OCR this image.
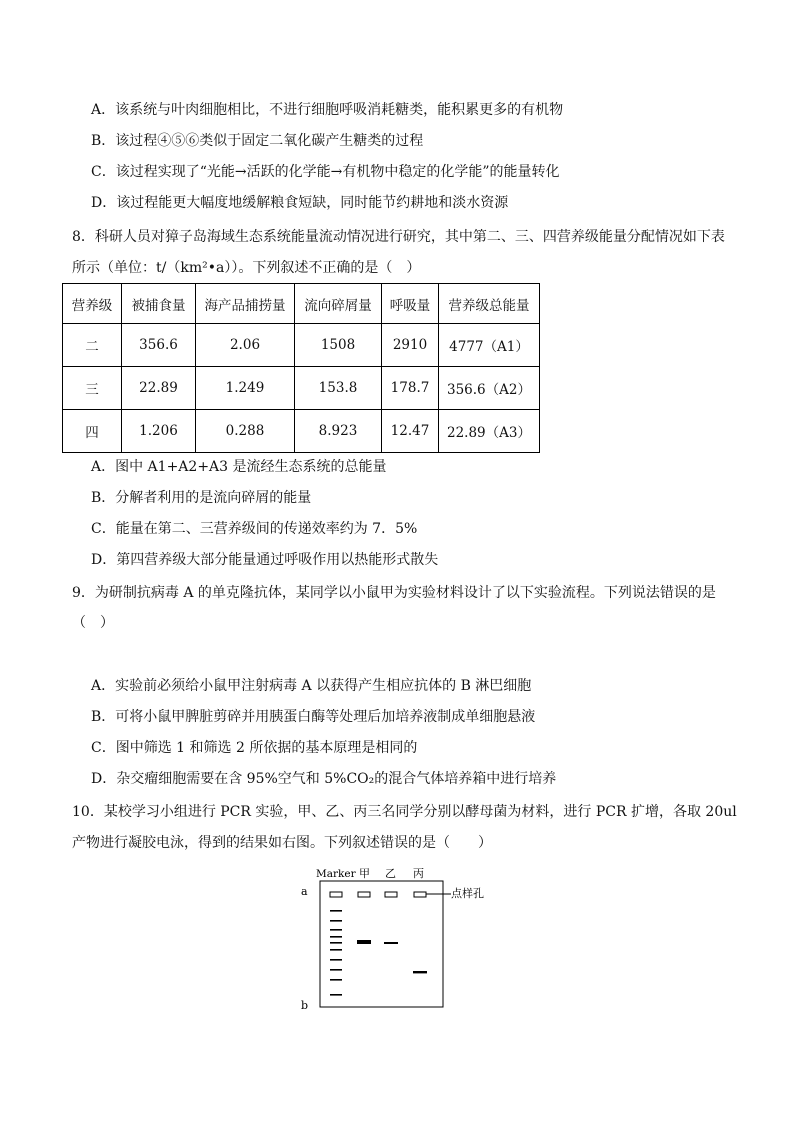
A．该系统与叶肉细胞相比，不进行细胞呼吸消耗糖类，能积累更多的有机物
B．该过程④⑤⑥类似于固定二氧化碳产生糖类的过程
C．该过程实现了“光能→活跃的化学能→有机物中稳定的化学能”的能量转化
D．该过程能更大幅度地缓解粮食短缺，同时能节约耕地和淡水资源
8．科研人员对獐子岛海域生态系统能量流动情况进行研究，其中第二、三、四营养级能量分配情况如下表
所示（单位：t/（km²•a））。下列叙述不正确的是（　）
营养级	被捕食量	海产品捕捞量	流向碎屑量	呼吸量	营养级总能量
二	356.6	2.06	1508	2910	4777（A1）
三	22.89	1.249	153.8	178.7	356.6（A2）
四	1.206	0.288	8.923	12.47	22.89（A3）
A．图中 A1+A2+A3 是流经生态系统的总能量
B．分解者利用的是流向碎屑的能量
C．能量在第二、三营养级间的传递效率约为 7．5%
D．第四营养级大部分能量通过呼吸作用以热能形式散失
9．为研制抗病毒 A 的单克隆抗体，某同学以小鼠甲为实验材料设计了以下实验流程。下列说法错误的是
（　）
A．实验前必须给小鼠甲注射病毒 A 以获得产生相应抗体的 B 淋巴细胞
B．可将小鼠甲脾脏剪碎并用胰蛋白酶等处理后加培养液制成单细胞悬液
C．图中筛选 1 和筛选 2 所依据的基本原理是相同的
D．杂交瘤细胞需要在含 95%空气和 5%CO₂的混合气体培养箱中进行培养
10．某校学习小组进行 PCR 实验，甲、乙、丙三名同学分别以酵母菌为材料，进行 PCR 扩增，各取 20ul
产物进行凝胶电泳，得到的结果如右图。下列叙述错误的是（　　）
Marker 甲 乙 丙
a
b
点样孔
